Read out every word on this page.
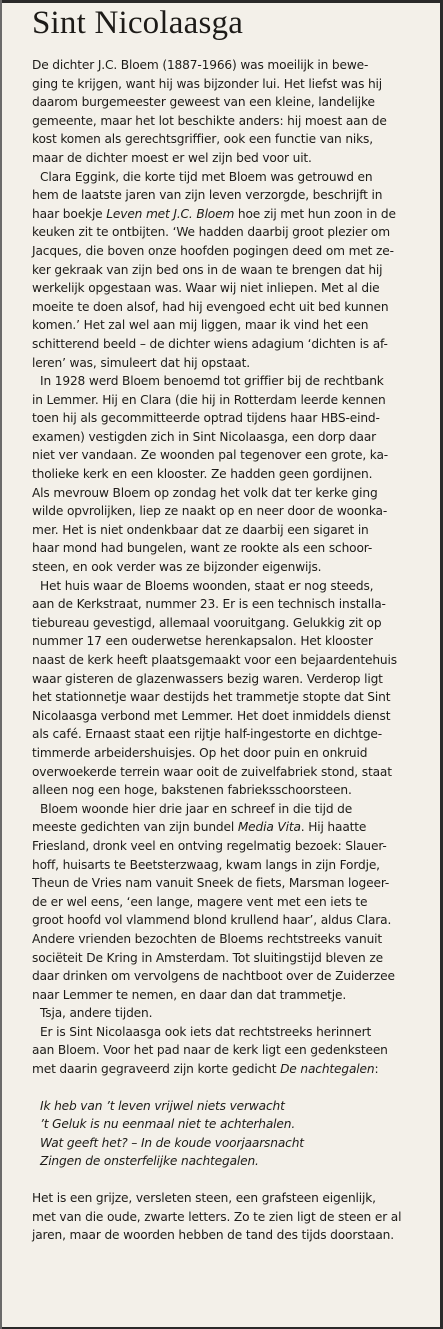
Sint Nicolaasga
De dichter J.C. Bloem (1887-1966) was moeilijk in bewe-
ging te krijgen, want hij was bijzonder lui. Het liefst was hij
daarom burgemeester geweest van een kleine, landelijke
gemeente, maar het lot beschikte anders: hij moest aan de
kost komen als gerechtsgriffier, ook een functie van niks,
maar de dichter moest er wel zijn bed voor uit.
Clara Eggink, die korte tijd met Bloem was getrouwd en
hem de laatste jaren van zijn leven verzorgde, beschrijft in
haar boekje Leven met J.C. Bloem hoe zij met hun zoon in de
keuken zit te ontbijten. ‘We hadden daarbij groot plezier om
Jacques, die boven onze hoofden pogingen deed om met ze-
ker gekraak van zijn bed ons in de waan te brengen dat hij
werkelijk opgestaan was. Waar wij niet inliepen. Met al die
moeite te doen alsof, had hij evengoed echt uit bed kunnen
komen.’ Het zal wel aan mij liggen, maar ik vind het een
schitterend beeld – de dichter wiens adagium ‘dichten is af-
leren’ was, simuleert dat hij opstaat.
In 1928 werd Bloem benoemd tot griffier bij de rechtbank
in Lemmer. Hij en Clara (die hij in Rotterdam leerde kennen
toen hij als gecommitteerde optrad tijdens haar HBS-eind-
examen) vestigden zich in Sint Nicolaasga, een dorp daar
niet ver vandaan. Ze woonden pal tegenover een grote, ka-
tholieke kerk en een klooster. Ze hadden geen gordijnen.
Als mevrouw Bloem op zondag het volk dat ter kerke ging
wilde opvrolijken, liep ze naakt op en neer door de woonka-
mer. Het is niet ondenkbaar dat ze daarbij een sigaret in
haar mond had bungelen, want ze rookte als een schoor-
steen, en ook verder was ze bijzonder eigenwijs.
Het huis waar de Bloems woonden, staat er nog steeds,
aan de Kerkstraat, nummer 23. Er is een technisch installa-
tiebureau gevestigd, allemaal vooruitgang. Gelukkig zit op
nummer 17 een ouderwetse herenkapsalon. Het klooster
naast de kerk heeft plaatsgemaakt voor een bejaardentehuis
waar gisteren de glazenwassers bezig waren. Verderop ligt
het stationnetje waar destijds het trammetje stopte dat Sint
Nicolaasga verbond met Lemmer. Het doet inmiddels dienst
als café. Ernaast staat een rijtje half-ingestorte en dichtge-
timmerde arbeidershuisjes. Op het door puin en onkruid
overwoekerde terrein waar ooit de zuivelfabriek stond, staat
alleen nog een hoge, bakstenen fabrieksschoorsteen.
Bloem woonde hier drie jaar en schreef in die tijd de
meeste gedichten van zijn bundel Media Vita. Hij haatte
Friesland, dronk veel en ontving regelmatig bezoek: Slauer-
hoff, huisarts te Beetsterzwaag, kwam langs in zijn Fordje,
Theun de Vries nam vanuit Sneek de fiets, Marsman logeer-
de er wel eens, ‘een lange, magere vent met een iets te
groot hoofd vol vlammend blond krullend haar’, aldus Clara.
Andere vrienden bezochten de Bloems rechtstreeks vanuit
sociëteit De Kring in Amsterdam. Tot sluitingstijd bleven ze
daar drinken om vervolgens de nachtboot over de Zuiderzee
naar Lemmer te nemen, en daar dan dat trammetje.
Tsja, andere tijden.
Er is Sint Nicolaasga ook iets dat rechtstreeks herinnert
aan Bloem. Voor het pad naar de kerk ligt een gedenksteen
met daarin gegraveerd zijn korte gedicht De nachtegalen:
Ik heb van ’t leven vrijwel niets verwacht
’t Geluk is nu eenmaal niet te achterhalen.
Wat geeft het? – In de koude voorjaarsnacht
Zingen de onsterfelijke nachtegalen.
Het is een grijze, versleten steen, een grafsteen eigenlijk,
met van die oude, zwarte letters. Zo te zien ligt de steen er al
jaren, maar de woorden hebben de tand des tijds doorstaan.
